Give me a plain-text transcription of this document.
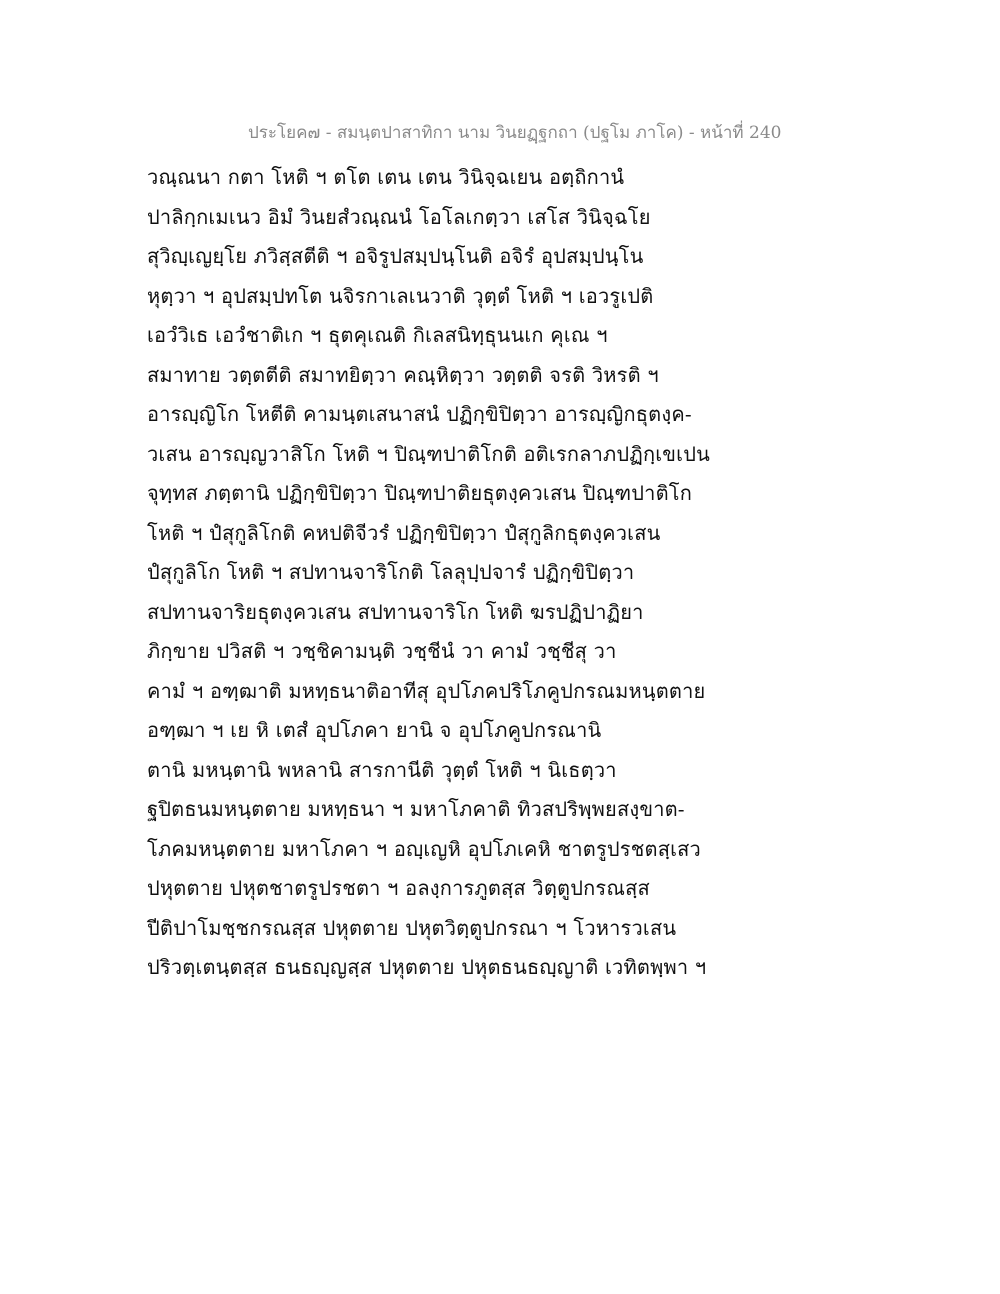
ประโยค๗ - สมนฺตปาสาทิกา นาม วินยฏฺฐกถา (ปฐโม ภาโค) - หน้าที่ 240
วณฺณนา กตา โหติ ฯ ตโต เตน เตน วินิจฺฉเยน อตฺถิกานํ
ปาลิกฺกเมเนว อิมํ วินยสํวณฺณนํ โอโลเกตฺวา เสโส วินิจฺฉโย
สุวิญฺเญยฺโย ภวิสฺสตีติ ฯ อจิรูปสมฺปนฺโนติ อจิรํ อุปสมฺปนฺโน
หุตฺวา ฯ อุปสมฺปทโต นจิรกาเลเนวาติ วุตฺตํ โหติ ฯ เอวรูเปติ
เอวํวิเธ เอวํชาติเก ฯ ธุตคุเณติ กิเลสนิทฺธุนนเก คุเณ ฯ
สมาทาย วตฺตตีติ สมาทยิตฺวา คณฺหิตฺวา วตฺตติ จรติ วิหรติ ฯ
อารญฺญิโก โหตีติ คามนฺตเสนาสนํ ปฏิกฺขิปิตฺวา อารญฺญิกธุตงฺค-
วเสน อารญฺญวาสิโก โหติ ฯ ปิณฺฑปาติโกติ อติเรกลาภปฏิกฺเขเปน
จุทฺทส ภตฺตานิ ปฏิกฺขิปิตฺวา ปิณฺฑปาติยธุตงฺควเสน ปิณฺฑปาติโก
โหติ ฯ ปํสุกูลิโกติ คหปติจีวรํ ปฏิกฺขิปิตฺวา ปํสุกูลิกธุตงฺควเสน
ปํสุกูลิโก โหติ ฯ สปทานจาริโกติ โลลุปฺปจารํ ปฏิกฺขิปิตฺวา
สปทานจาริยธุตงฺควเสน สปทานจาริโก โหติ ฆรปฏิปาฏิยา
ภิกฺขาย ปวิสติ ฯ วชฺชิคามนฺติ วชฺชีนํ วา คามํ วชฺชีสุ วา
คามํ ฯ อฑฺฒาติ มหทฺธนาติอาทีสุ อุปโภคปริโภคูปกรณมหนฺตตาย
อฑฺฒา ฯ เย หิ เตสํ อุปโภคา ยานิ จ อุปโภคูปกรณานิ
ตานิ มหนฺตานิ พหลานิ สารกานีติ วุตฺตํ โหติ ฯ นิเธตฺวา
ฐปิตธนมหนฺตตาย มหทฺธนา ฯ มหาโภคาติ ทิวสปริพฺพยสงฺขาต-
โภคมหนฺตตาย มหาโภคา ฯ อญฺเญหิ อุปโภเคหิ ชาตรูปรชตสฺเสว
ปหุตตาย ปหุตชาตรูปรชตา ฯ อลงฺการภูตสฺส วิตฺตูปกรณสฺส
ปีติปาโมชฺชกรณสฺส ปหุตตาย ปหุตวิตฺตูปกรณา ฯ โวหารวเสน
ปริวตฺเตนฺตสฺส ธนธญฺญสฺส ปหุตตาย ปหุตธนธญฺญาติ เวทิตพฺพา ฯ
